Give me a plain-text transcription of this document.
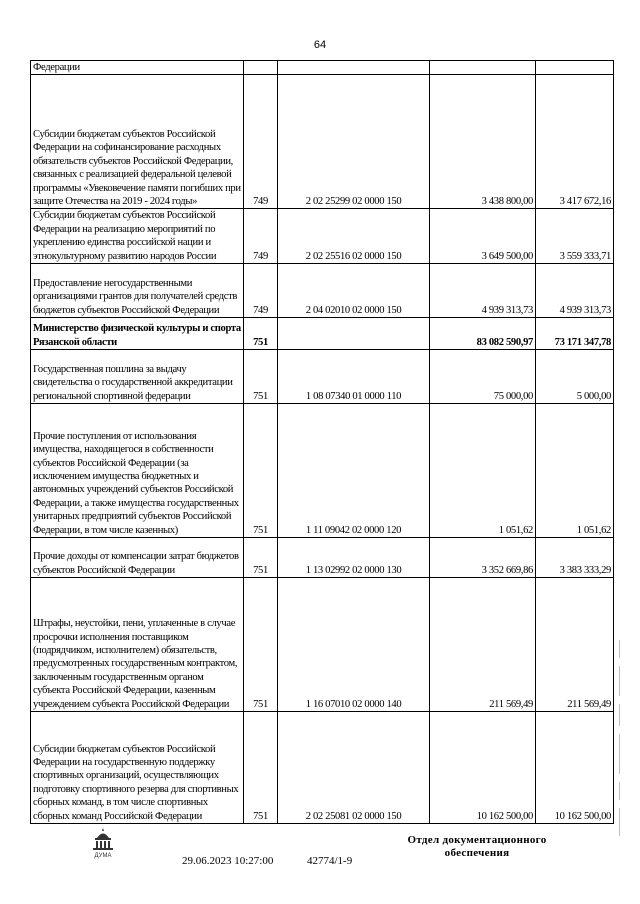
64
Федерации				
Субсидии бюджетам субъектов Российской Федерации на софинансирование расходных обязательств субъектов Российской Федерации, связанных с реализацией федеральной целевой программы «Увековечение памяти погибших при защите Отечества на 2019 - 2024 годы»	749	2 02 25299 02 0000 150	3 438 800,00	3 417 672,16
Субсидии бюджетам субъектов Российской Федерации на реализацию мероприятий по укреплению единства российской нации и этнокультурному развитию народов России	749	2 02 25516 02 0000 150	3 649 500,00	3 559 333,71
Предоставление негосударственными организациями грантов для получателей средств бюджетов субъектов Российской Федерации	749	2 04 02010 02 0000 150	4 939 313,73	4 939 313,73
Министерство физической культуры и спорта Рязанской области	751		83 082 590,97	73 171 347,78
Государственная пошлина за выдачу свидетельства о государственной аккредитации региональной спортивной федерации	751	1 08 07340 01 0000 110	75 000,00	5 000,00
Прочие поступления от использования имущества, находящегося в собственности субъектов Российской Федерации (за исключением имущества бюджетных и автономных учреждений субъектов Российской Федерации, а также имущества государственных унитарных предприятий субъектов Российской Федерации, в том числе казенных)	751	1 11 09042 02 0000 120	1 051,62	1 051,62
Прочие доходы от компенсации затрат бюджетов субъектов Российской Федерации	751	1 13 02992 02 0000 130	3 352 669,86	3 383 333,29
Штрафы, неустойки, пени, уплаченные в случае просрочки исполнения поставщиком (подрядчиком, исполнителем) обязательств, предусмотренных государственным контрактом, заключенным государственным органом субъекта Российской Федерации, казенным учреждением субъекта Российской Федерации	751	1 16 07010 02 0000 140	211 569,49	211 569,49
Субсидии бюджетам субъектов Российской Федерации на государственную поддержку спортивных организаций, осуществляющих подготовку спортивного резерва для спортивных сборных команд, в том числе спортивных сборных команд Российской Федерации	751	2 02 25081 02 0000 150	10 162 500,00	10 162 500,00
ДУМА	29.06.2023 10:27:00	42774/1-9
Отдел документационного
обеспечения
